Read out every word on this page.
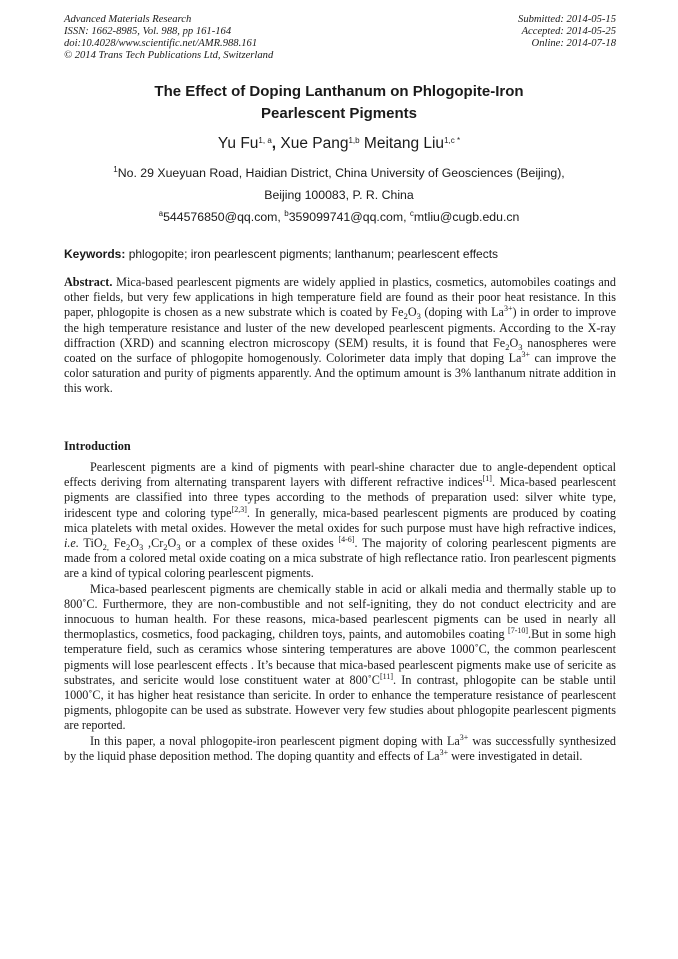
Advanced Materials Research
ISSN: 1662-8985, Vol. 988, pp 161-164
doi:10.4028/www.scientific.net/AMR.988.161
© 2014 Trans Tech Publications Ltd, Switzerland
Submitted: 2014-05-15
Accepted: 2014-05-25
Online: 2014-07-18
The Effect of Doping Lanthanum on Phlogopite-Iron
Pearlescent Pigments
Yu Fu$^{1, a}$, Xue Pang$^{1,b}$ Meitang Liu$^{1,c *}$
$^1$No. 29 Xueyuan Road, Haidian District, China University of Geosciences (Beijing),
Beijing 100083, P. R. China
$^a$544576850@qq.com, $^b$359099741@qq.com, $^c$mtliu@cugb.edu.cn
Keywords: phlogopite; iron pearlescent pigments; lanthanum; pearlescent effects
Abstract. Mica-based pearlescent pigments are widely applied in plastics, cosmetics, automobiles coatings and other fields, but very few applications in high temperature field are found as their poor heat resistance. In this paper, phlogopite is chosen as a new substrate which is coated by $Fe_2O_3$ (doping with $La^{3+}$) in order to improve the high temperature resistance and luster of the new developed pearlescent pigments. According to the X-ray diffraction (XRD) and scanning electron microscopy (SEM) results, it is found that $Fe_2O_3$ nanospheres were coated on the surface of phlogopite homogenously. Colorimeter data imply that doping $La^{3+}$ can improve the color saturation and purity of pigments apparently. And the optimum amount is 3% lanthanum nitrate addition in this work.
Introduction

Pearlescent pigments are a kind of pigments with pearl-shine character due to angle-dependent optical effects deriving from alternating transparent layers with different refractive indices[1]. Mica-based pearlescent pigments are classified into three types according to the methods of preparation used: silver white type, iridescent type and coloring type[2,3]. In generally, mica-based pearlescent pigments are produced by coating mica platelets with metal oxides. However the metal oxides for such purpose must have high refractive indices, i.e. TiO$_{2,}$ $Fe_2O_3$ $,Cr_2O_3$ or a complex of these oxides [4-6]. The majority of coloring pearlescent pigments are made from a colored metal oxide coating on a mica substrate of high reflectance ratio. Iron pearlescent pigments are a kind of typical coloring pearlescent pigments.

Mica-based pearlescent pigments are chemically stable in acid or alkali media and thermally stable up to 800˚C. Furthermore, they are non-combustible and not self-igniting, they do not conduct electricity and are innocuous to human health. For these reasons, mica-based pearlescent pigments can be used in nearly all thermoplastics, cosmetics, food packaging, children toys, paints, and automobiles coating [7-10].But in some high temperature field, such as ceramics whose sintering temperatures are above 1000˚C, the common pearlescent pigments will lose pearlescent effects . It’s because that mica-based pearlescent pigments make use of sericite as substrates, and sericite would lose constituent water at 800˚C[11]. In contrast, phlogopite can be stable until 1000˚C, it has higher heat resistance than sericite. In order to enhance the temperature resistance of pearlescent pigments, phlogopite can be used as substrate. However very few studies about phlogopite pearlescent pigments are reported.

In this paper, a noval phlogopite-iron pearlescent pigment doping with $La^{3+}$ was successfully synthesized by the liquid phase deposition method. The doping quantity and effects of $La^{3+}$ were investigated in detail.
